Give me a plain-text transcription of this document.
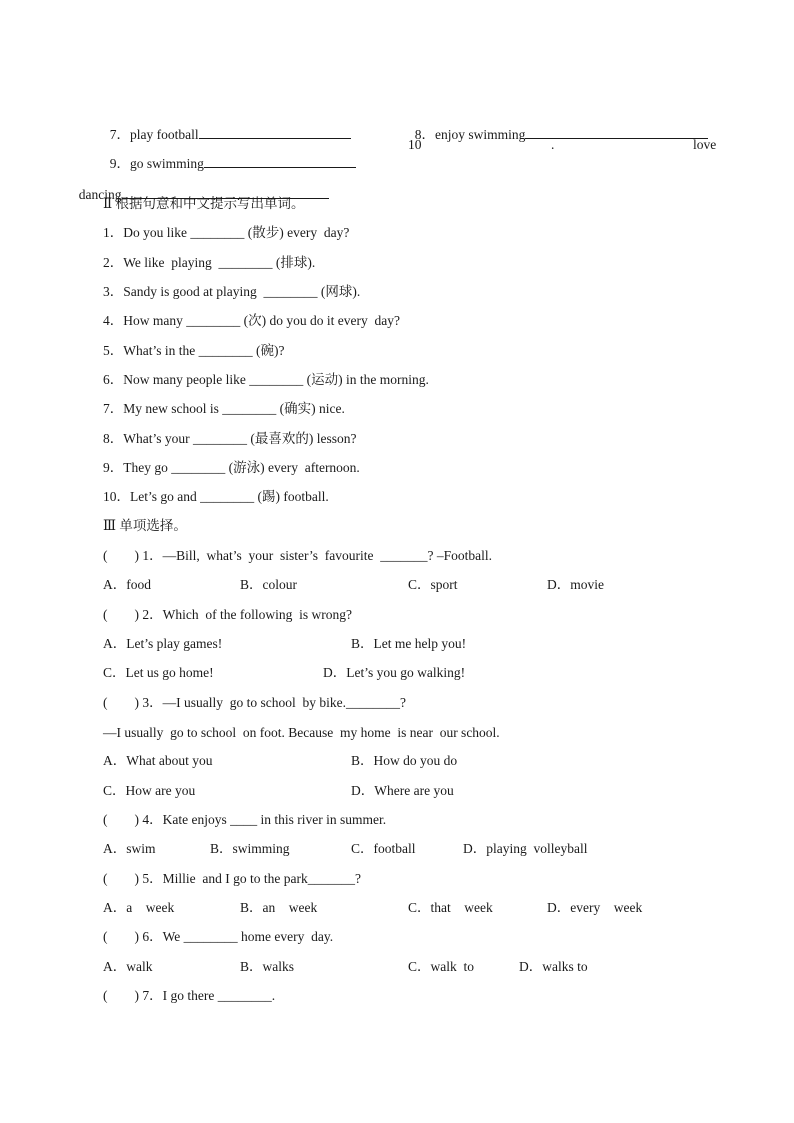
7．play football	8．enjoy swimming

9．go swimming

10	.	love

dancing

Ⅱ 根据句意和中文提示写出单词。
1．Do you like ________ (散步) every  day?
2．We like  playing  ________ (排球).
3．Sandy is good at playing  ________ (网球).
4．How many ________ (次) do you do it every  day?
5．What’s in the ________ (碗)?
6．Now many people like ________ (运动) in the morning.
7．My new school is ________ (确实) nice.
8．What’s your ________ (最喜欢的) lesson?
9．They go ________ (游泳) every  afternoon.
10．Let’s go and ________ (踢) football.
Ⅲ 单项选择。
(　　) 1．—Bill,  what’s  your  sister’s  favourite  _______? –Football.
A．food	B．colour	C．sport	D．movie
(　　) 2．Which  of the following  is wrong?
A．Let’s play games!	B．Let me help you!
C．Let us go home!	D．Let’s you go walking!
(　　) 3．—I usually  go to school  by bike.________?
—I usually  go to school  on foot. Because  my home  is near  our school.
A．What about you	B．How do you do
C．How are you	D．Where are you
(　　) 4．Kate enjoys ____ in this river in summer.
A．swim	B．swimming	C．football	D．playing  volleyball
(　　) 5．Millie  and I go to the park_______?
A．a    week	B．an    week	C．that    week	D．every    week
(　　) 6．We ________ home every  day.
A．walk	B．walks	C．walk  to	D．walks to
(　　) 7．I go there ________.
